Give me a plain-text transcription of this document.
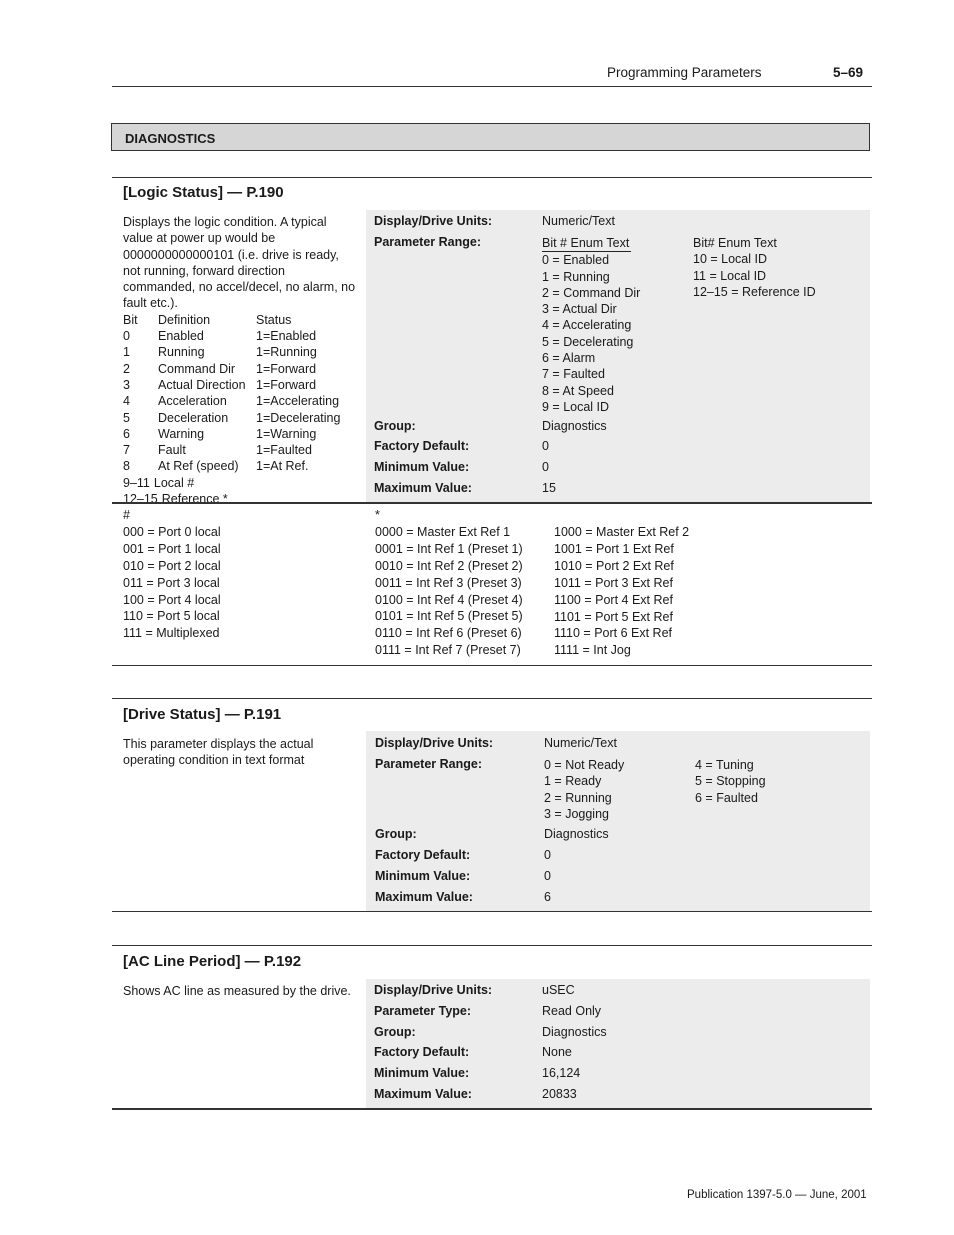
Programming Parameters	5–69
DIAGNOSTICS
[Logic Status] — P.190

Displays the logic condition. A typical value at power up would be 0000000000000101 (i.e. drive is ready, not running, forward direction commanded, no accel/decel, no alarm, no fault etc.).

Bit	Definition	Status
0	Enabled	1=Enabled
1	Running	1=Running
2	Command Dir	1=Forward
3	Actual Direction 1=Forward
4	Acceleration	1=Accelerating
5	Deceleration	1=Decelerating
6	Warning	1=Warning
7	Fault	1=Faulted
8	At Ref (speed)	1=At Ref.
9–11 Local #
12–15 Reference *
Display/Drive Units:	Numeric/Text
Parameter Range:	Bit # Enum Text
0 = Enabled
1 = Running
2 = Command Dir
3 = Actual Dir
4 = Accelerating
5 = Decelerating
6 = Alarm
7 = Faulted
8 = At Speed
9 = Local ID
Bit# Enum Text
10 = Local ID
11 = Local ID
12–15 = Reference ID
Group:	Diagnostics
Factory Default:	0
Minimum Value:	0
Maximum Value:	15
#
000 = Port 0 local
001 = Port 1 local
010 = Port 2 local
011 = Port 3 local
100 = Port 4 local
110 = Port 5 local
111 = Multiplexed
*
0000 = Master Ext Ref 1
0001 = Int Ref 1 (Preset 1)
0010 = Int Ref 2 (Preset 2)
0011 = Int Ref 3 (Preset 3)
0100 = Int Ref 4 (Preset 4)
0101 = Int Ref 5 (Preset 5)
0110 = Int Ref 6 (Preset 6)
0111 = Int Ref 7 (Preset 7)
1000 = Master Ext Ref 2
1001 = Port 1 Ext Ref
1010 = Port 2 Ext Ref
1011 = Port 3 Ext Ref
1100 = Port 4 Ext Ref
1101 = Port 5 Ext Ref
1110 = Port 6 Ext Ref
1111 = Int Jog
[Drive Status] — P.191
This parameter displays the actual operating condition in text format
Display/Drive Units:	Numeric/Text
Parameter Range:	0 = Not Ready
1 = Ready
2 = Running
3 = Jogging
4 = Tuning
5 = Stopping
6 = Faulted
Group:	Diagnostics
Factory Default:	0
Minimum Value:	0
Maximum Value:	6
[AC Line Period] — P.192
Shows AC line as measured by the drive.	Display/Drive Units:	uSEC
Parameter Type:	Read Only
Group:	Diagnostics
Factory Default:	None
Minimum Value:	16,124
Maximum Value:	20833
Publication 1397-5.0 — June, 2001
